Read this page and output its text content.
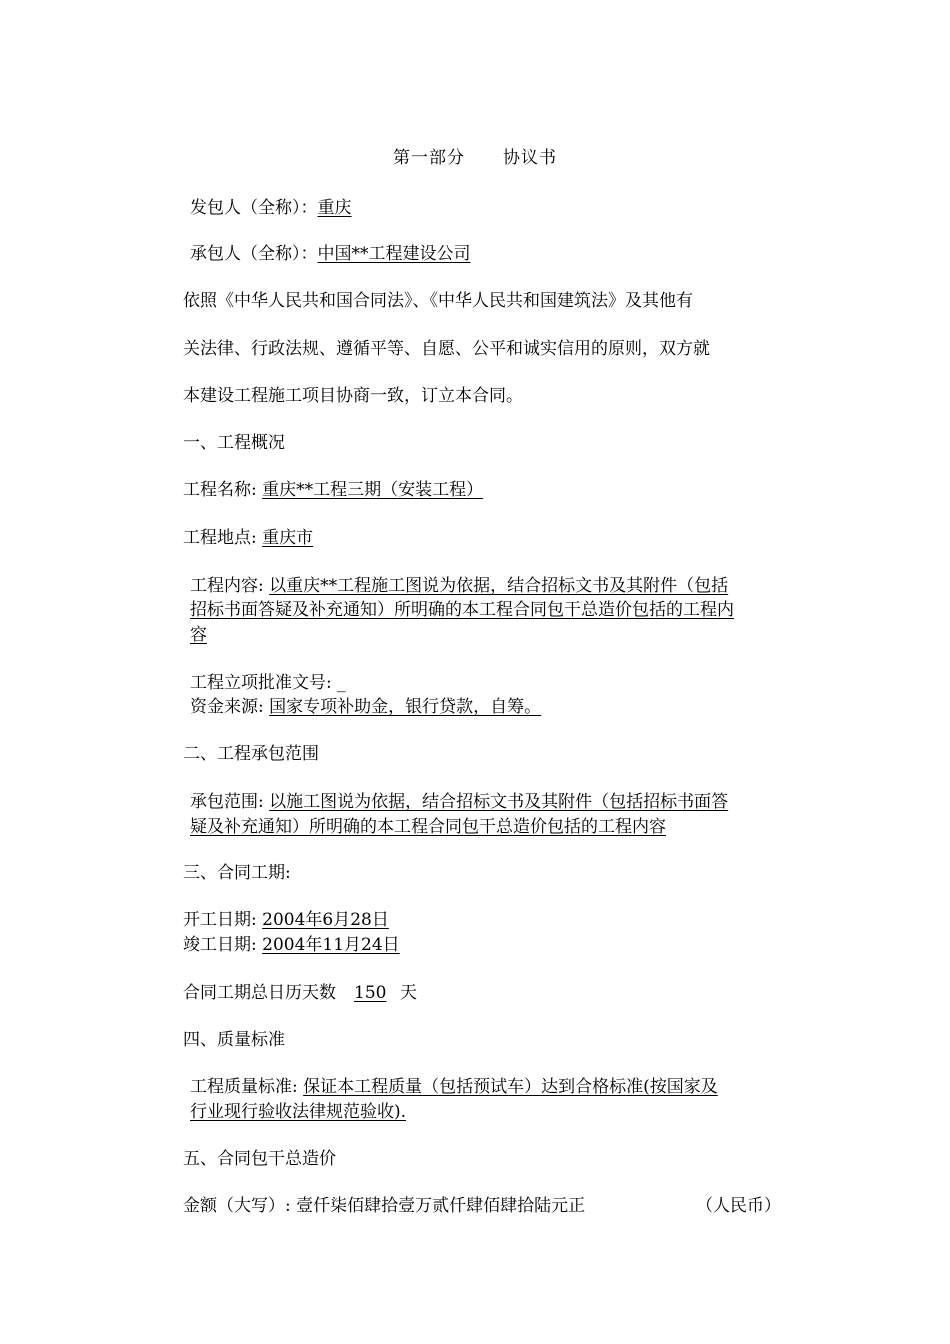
第一部分 协议书
发包人（全称）：重庆
承包人（全称）：中国**工程建设公司
依照《中华人民共和国合同法》、《中华人民共和国建筑法》及其他有
关法律、行政法规、遵循平等、自愿、公平和诚实信用的原则，双方就
本建设工程施工项目协商一致，订立本合同。
一、工程概况
工程名称: 重庆**工程三期（安装工程）
工程地点: 重庆市
工程内容: 以重庆**工程施工图说为依据，结合招标文书及其附件（包括
招标书面答疑及补充通知）所明确的本工程合同包干总造价包括的工程内
容
工程立项批准文号: _
资金来源: 国家专项补助金，银行贷款，自筹。
二、工程承包范围
承包范围: 以施工图说为依据，结合招标文书及其附件（包括招标书面答
疑及补充通知）所明确的本工程合同包干总造价包括的工程内容
三、合同工期:
开工日期: 2004年6月28日
竣工日期: 2004年11月24日
合同工期总日历天数 150 天
四、质量标准
工程质量标准: 保证本工程质量（包括预试车）达到合格标准(按国家及
行业现行验收法律规范验收).
五、合同包干总造价
金额（大写）: 壹仟柒佰肆拾壹万贰仟肆佰肆拾陆元正	（人民币）
